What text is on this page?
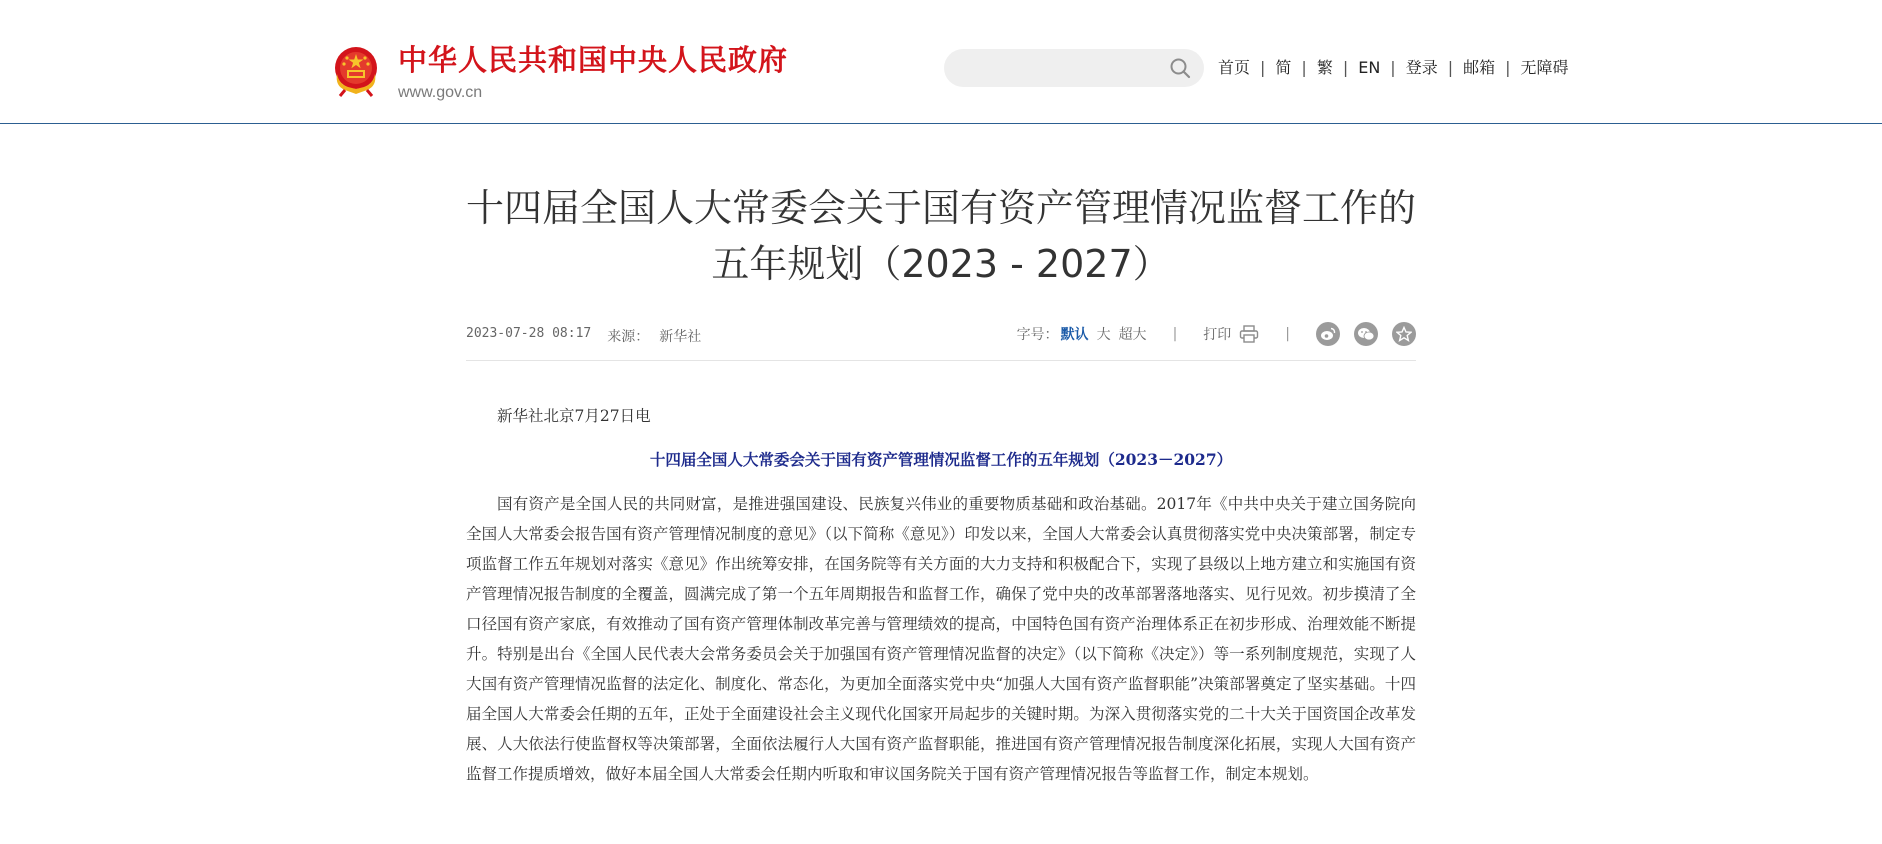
中华人民共和国中央人民政府
www.gov.cn
首页 | 简 | 繁 | EN | 登录 | 邮箱 | 无障碍
十四届全国人大常委会关于国有资产管理情况监督工作的
五年规划（2023 - 2027）
2023-07-28 08:17 来源： 新华社	字号： 默认 大 超大 | 打印	|

新华社北京7月27日电

十四届全国人大常委会关于国有资产管理情况监督工作的五年规划（2023－2027）

国有资产是全国人民的共同财富，是推进强国建设、民族复兴伟业的重要物质基础和政治基础。2017年《中共中央关于建立国务院向全国人大常委会报告国有资产管理情况制度的意见》（以下简称《意见》）印发以来，全国人大常委会认真贯彻落实党中央决策部署，制定专项监督工作五年规划对落实《意见》作出统筹安排，在国务院等有关方面的大力支持和积极配合下，实现了县级以上地方建立和实施国有资产管理情况报告制度的全覆盖，圆满完成了第一个五年周期报告和监督工作，确保了党中央的改革部署落地落实、见行见效。初步摸清了全口径国有资产家底，有效推动了国有资产管理体制改革完善与管理绩效的提高，中国特色国有资产治理体系正在初步形成、治理效能不断提升。特别是出台《全国人民代表大会常务委员会关于加强国有资产管理情况监督的决定》（以下简称《决定》）等一系列制度规范，实现了人大国有资产管理情况监督的法定化、制度化、常态化，为更加全面落实党中央“加强人大国有资产监督职能”决策部署奠定了坚实基础。十四届全国人大常委会任期的五年，正处于全面建设社会主义现代化国家开局起步的关键时期。为深入贯彻落实党的二十大关于国资国企改革发展、人大依法行使监督权等决策部署，全面依法履行人大国有资产监督职能，推进国有资产管理情况报告制度深化拓展，实现人大国有资产监督工作提质增效，做好本届全国人大常委会任期内听取和审议国务院关于国有资产管理情况报告等监督工作，制定本规划。
